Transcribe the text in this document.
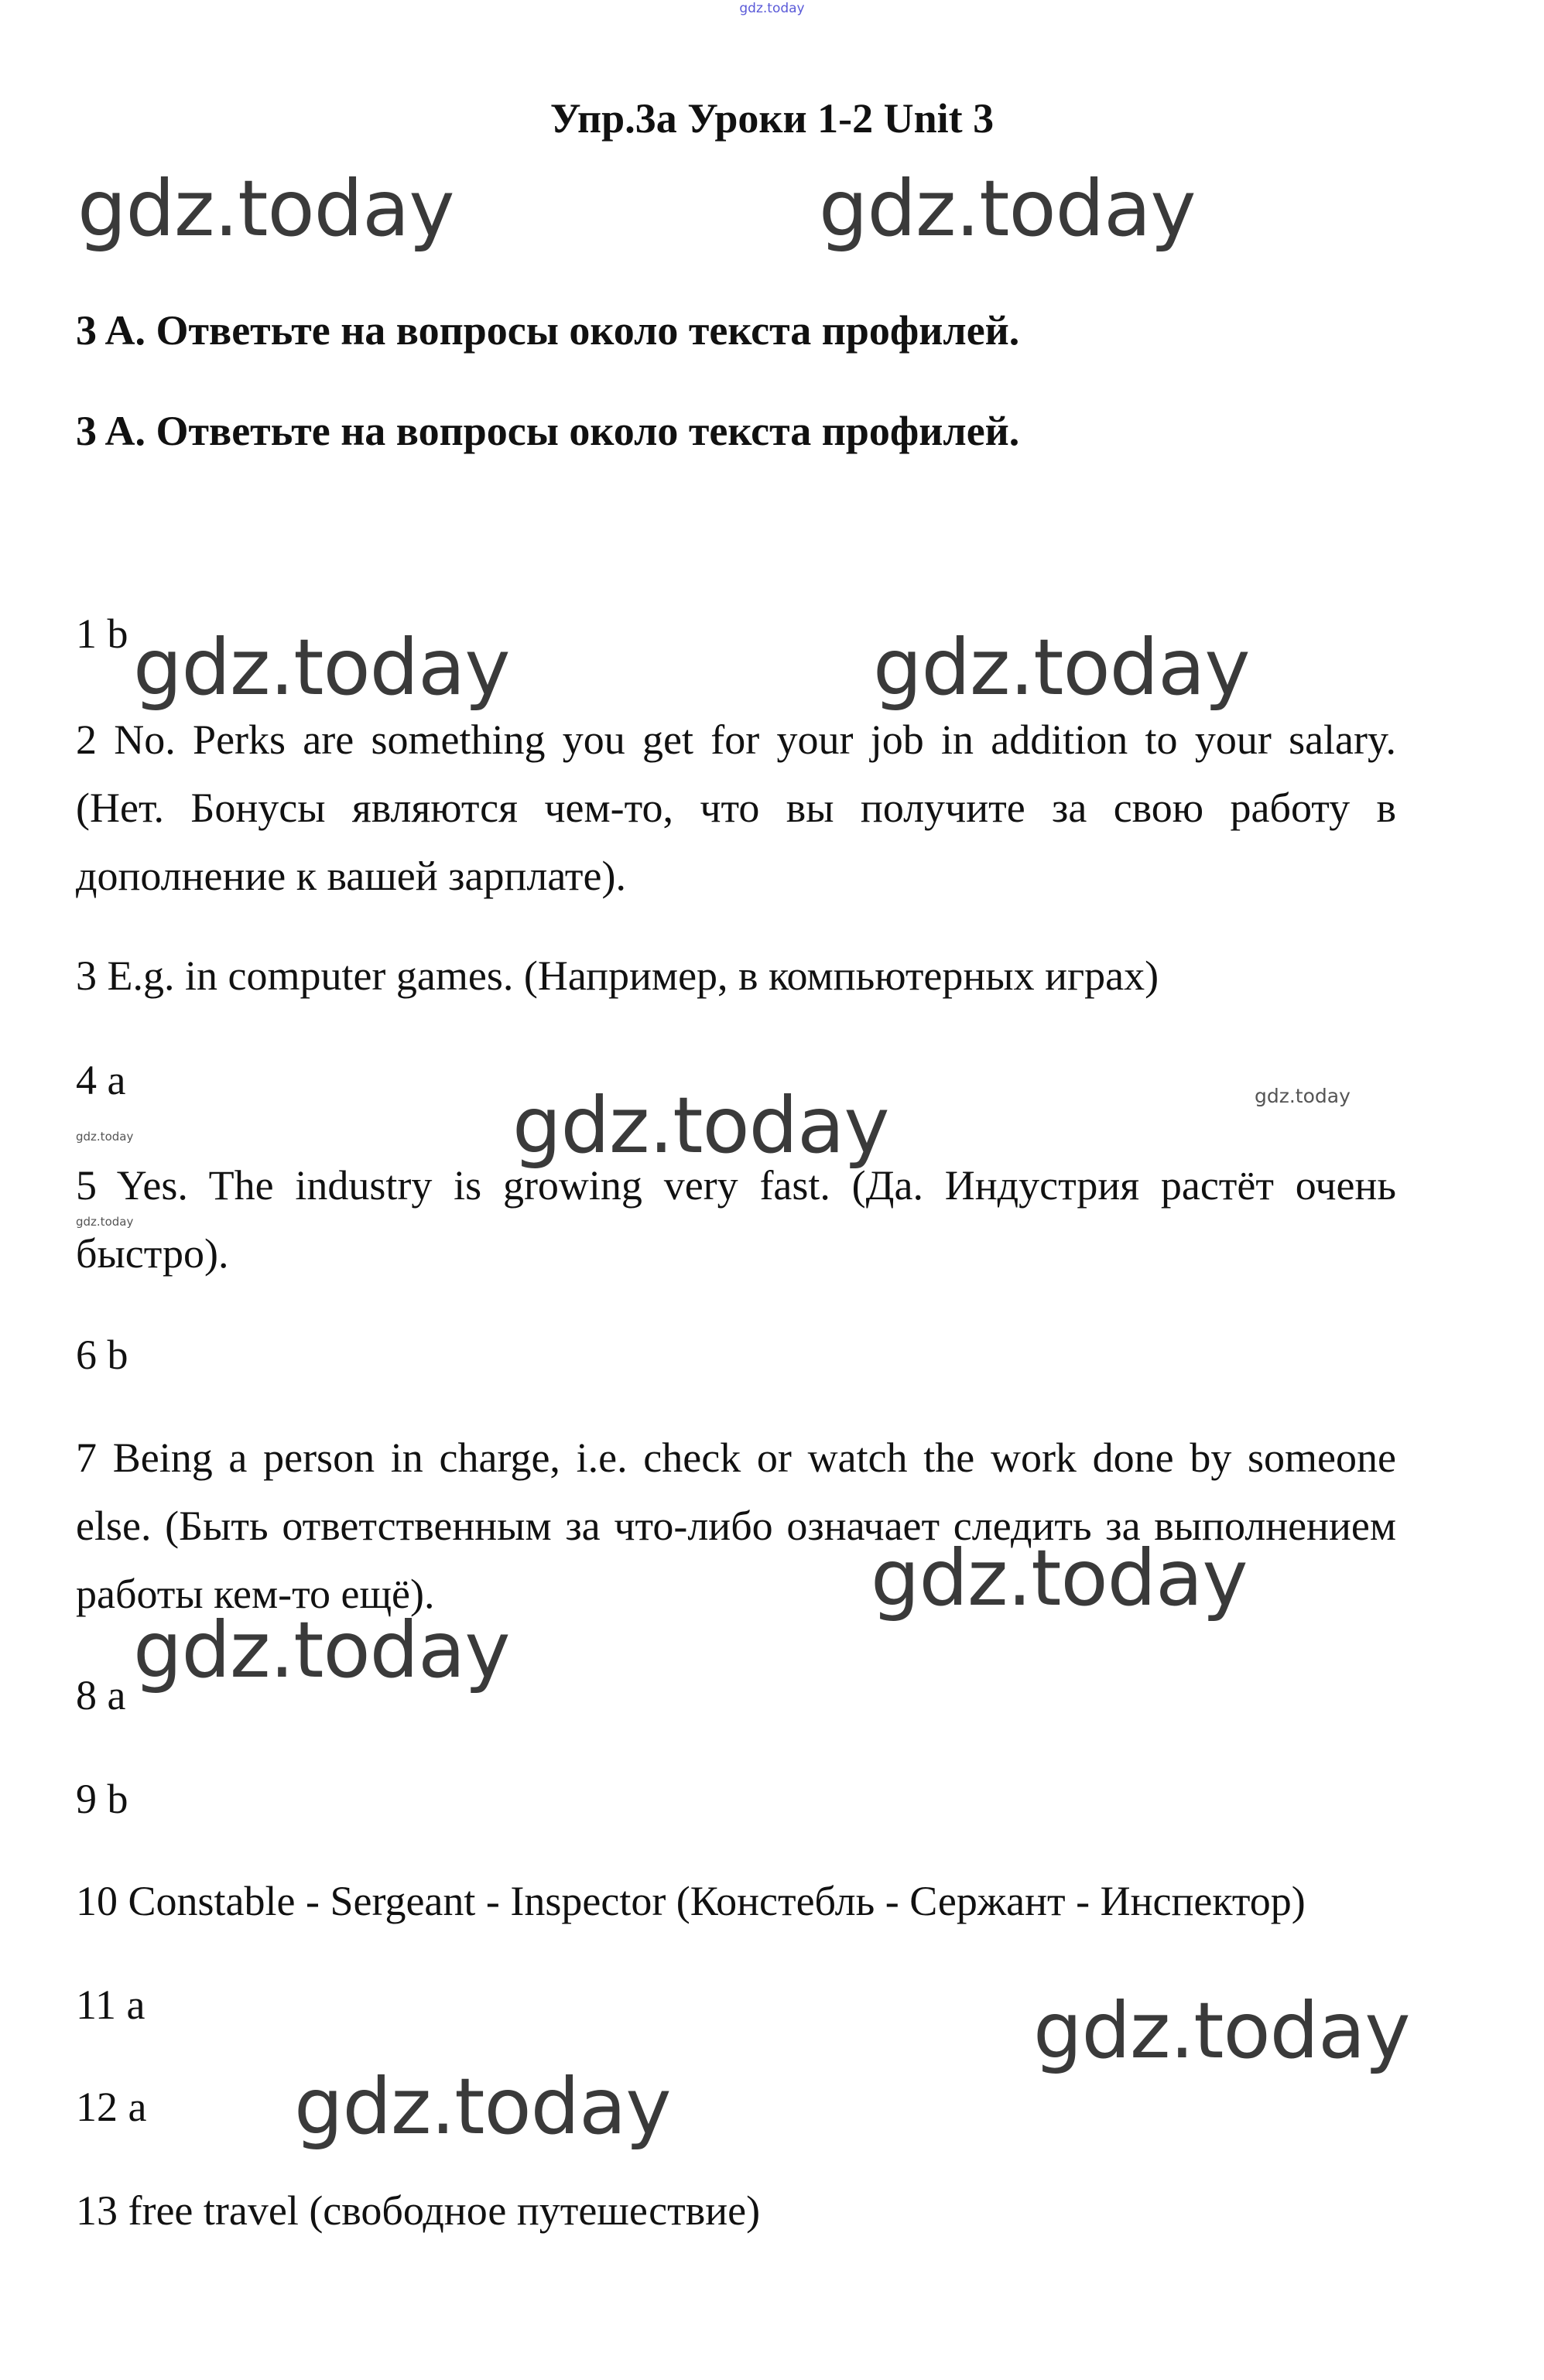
gdz.today
Упр.3а Уроки 1-2 Unit 3
gdz.today	gdz.today
3 A. Ответьте на вопросы около текста профилей.
3 A. Ответьте на вопросы около текста профилей.
1 b gdz.today	gdz.today
2 No. Perks are something you get for your job in addition to your salary. (Нет. Бонусы являются чем-то, что вы получите за свою работу в дополнение к вашей зарплате).
3 E.g. in computer games. (Например, в компьютерных играх)
4 a	gdz.today	gdz.today
gdz.today
5 Yes. The industry is growing very fast. (Да. Индустрия растёт очень быстро).
gdz.today
6 b
7 Being a person in charge, i.e. check or watch the work done by someone else. (Быть ответственным за что-либо означает следить за выполнением работы кем-то ещё).	gdz.today
gdz.today
8 a
9 b
10 Constable - Sergeant - Inspector (Констебль - Сержант - Инспектор)
11 a	gdz.today
12 a gdz.today
13 free travel (свободное путешествие)
